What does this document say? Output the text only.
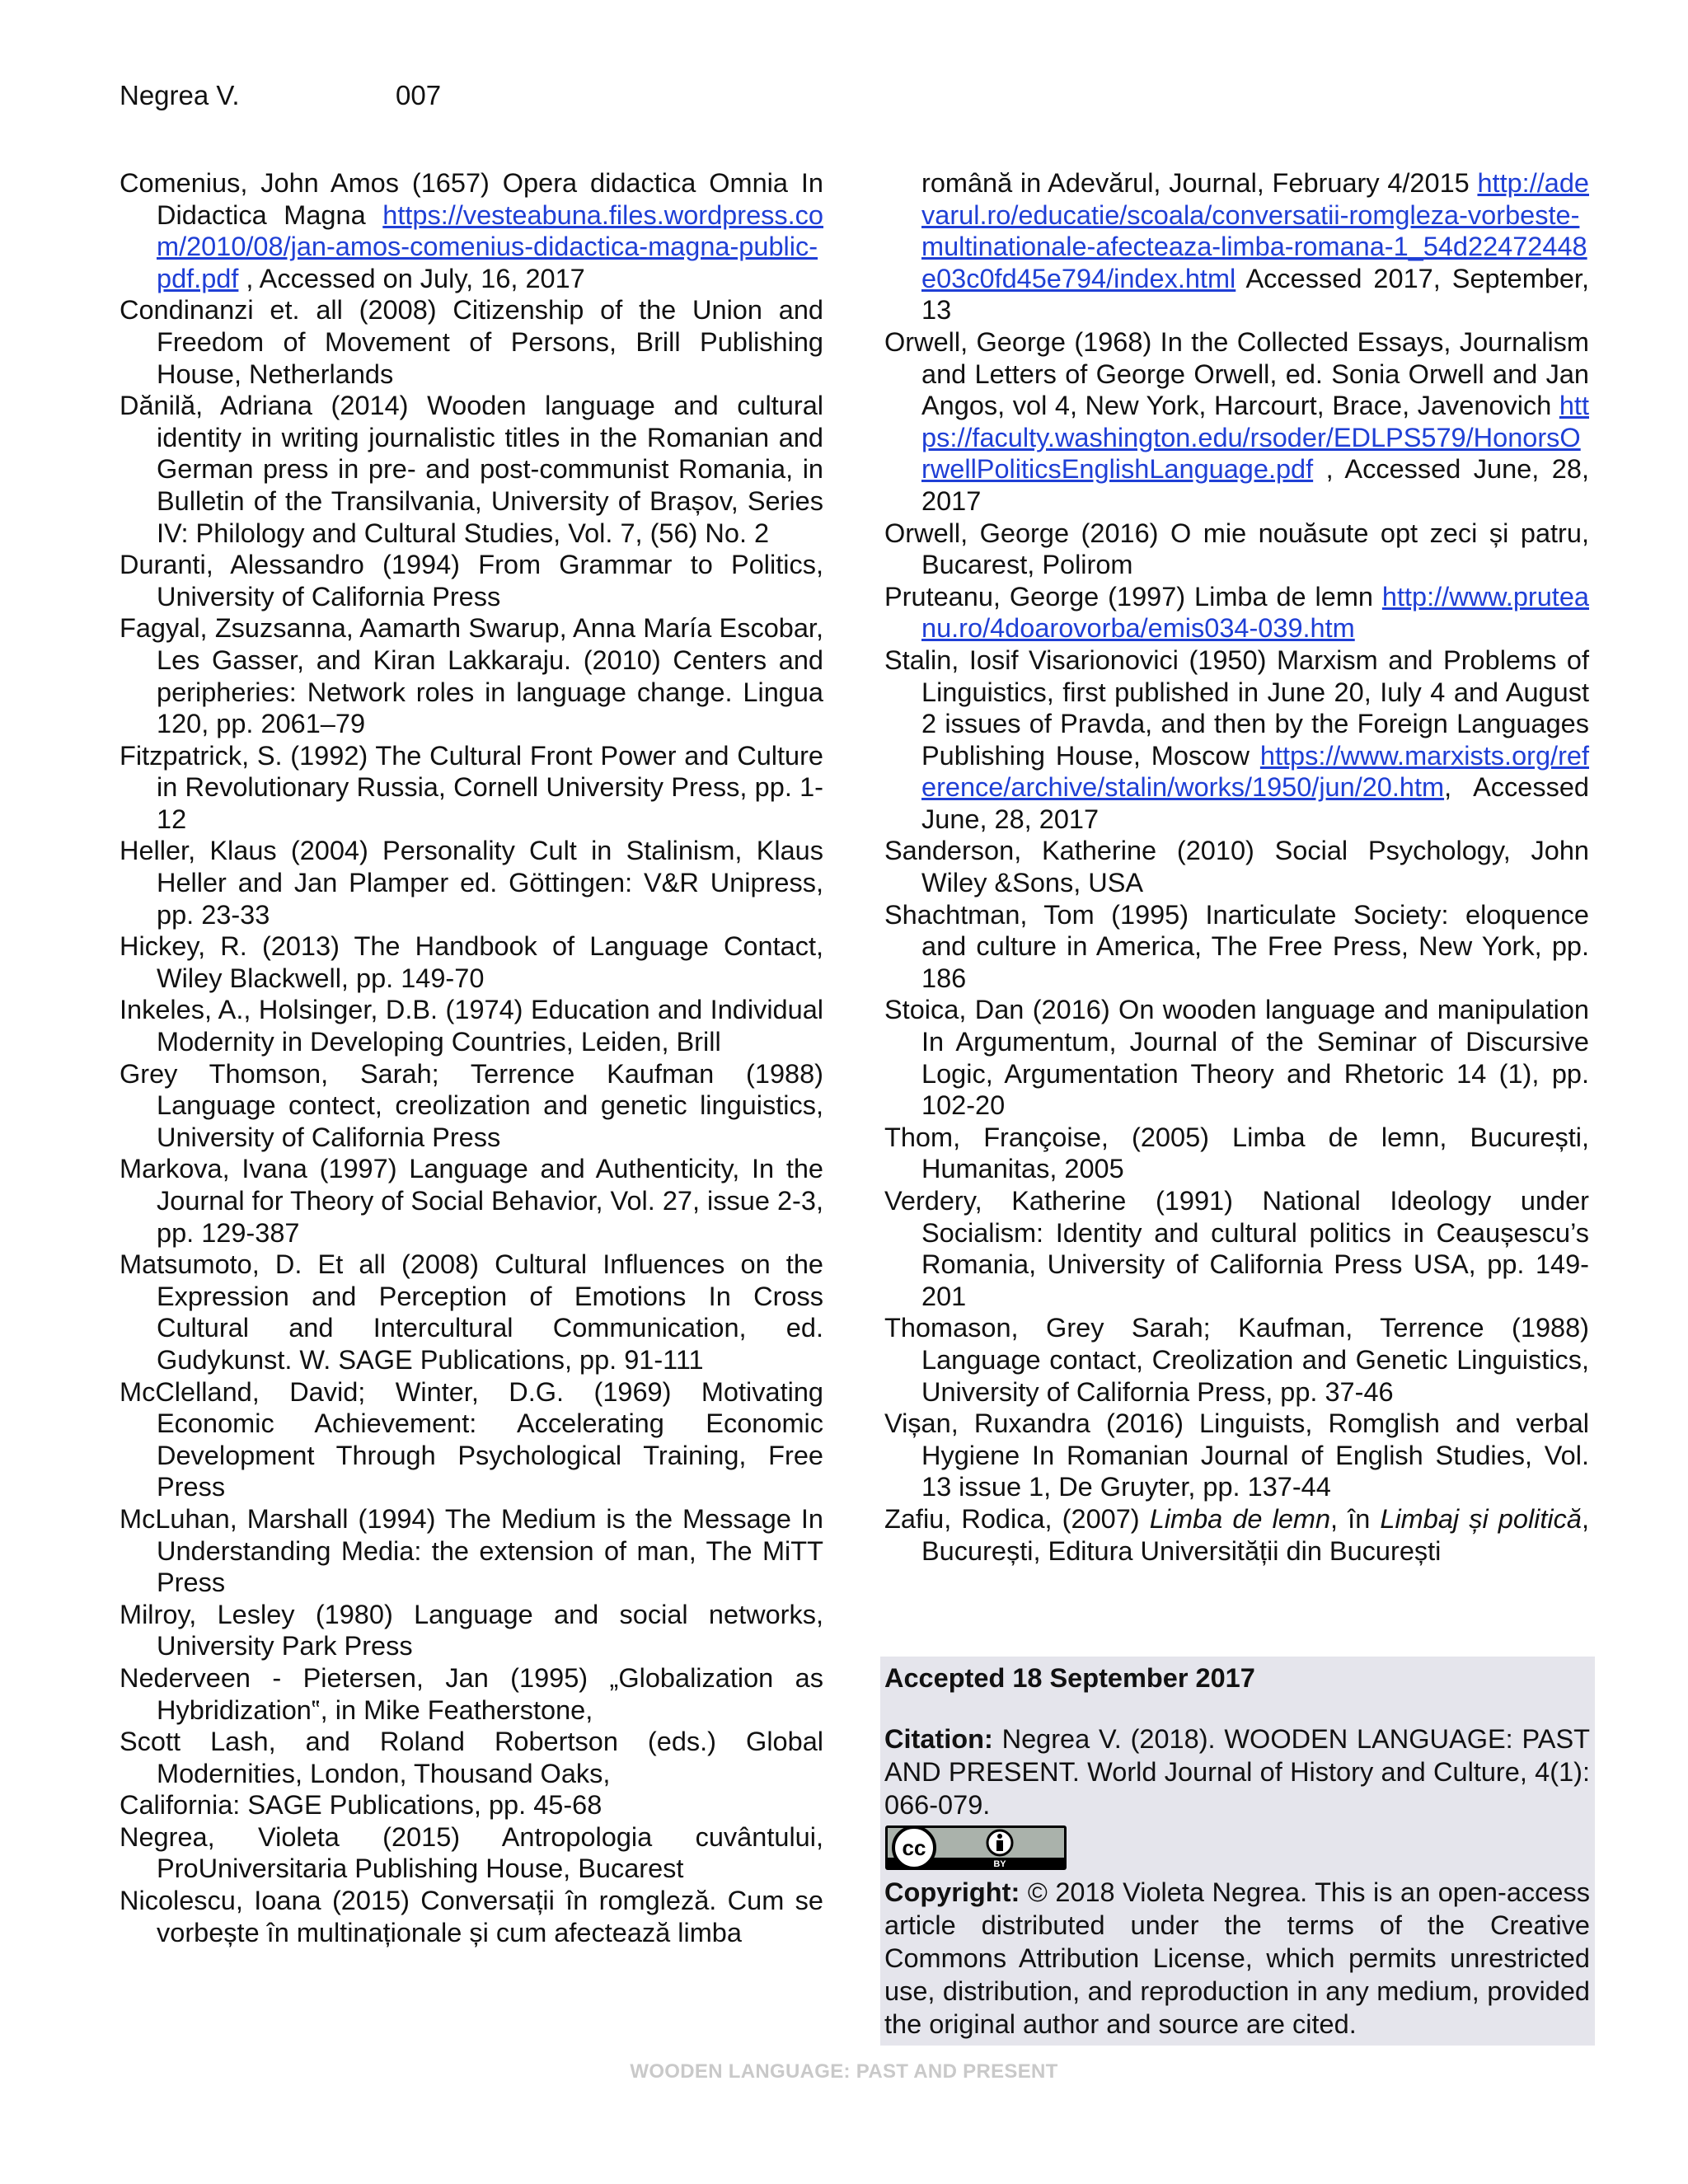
Negrea V.	007

Comenius, John Amos (1657) Opera didactica Omnia In Didactica Magna https://vesteabuna.files.wordpress.com/2010/08/jan-amos-comenius-didactica-magna-public-pdf.pdf , Accessed on July, 16, 2017

Condinanzi et. all (2008) Citizenship of the Union and Freedom of Movement of Persons, Brill Publishing House, Netherlands

Dănilă, Adriana (2014) Wooden language and cultural identity in writing journalistic titles in the Romanian and German press in pre- and post-communist Romania, in Bulletin of the Transilvania, University of Brașov, Series IV: Philology and Cultural Studies, Vol. 7, (56) No. 2

Duranti, Alessandro (1994) From Grammar to Politics, University of California Press

Fagyal, Zsuzsanna, Aamarth Swarup, Anna María Escobar, Les Gasser, and Kiran Lakkaraju. (2010) Centers and peripheries: Network roles in language change. Lingua 120, pp. 2061–79

Fitzpatrick, S. (1992) The Cultural Front Power and Culture in Revolutionary Russia, Cornell University Press, pp. 1-12

Heller, Klaus (2004) Personality Cult in Stalinism, Klaus Heller and Jan Plamper ed. Göttingen: V&R Unipress, pp. 23-33

Hickey, R. (2013) The Handbook of Language Contact, Wiley Blackwell, pp. 149-70

Inkeles, A., Holsinger, D.B. (1974) Education and Individual Modernity in Developing Countries, Leiden, Brill

Grey Thomson, Sarah; Terrence Kaufman (1988) Language contect, creolization and genetic linguistics, University of California Press

Markova, Ivana (1997) Language and Authenticity, In the Journal for Theory of Social Behavior, Vol. 27, issue 2-3, pp. 129-387

Matsumoto, D. Et all (2008) Cultural Influences on the Expression and Perception of Emotions In Cross Cultural and Intercultural Communication, ed. Gudykunst. W. SAGE Publications, pp. 91-111

McClelland, David; Winter, D.G. (1969) Motivating Economic Achievement: Accelerating Economic Development Through Psychological Training, Free Press

McLuhan, Marshall (1994) The Medium is the Message In Understanding Media: the extension of man, The MiTT Press

Milroy, Lesley (1980) Language and social networks, University Park Press

Nederveen - Pietersen, Jan (1995) „Globalization as Hybridization‟, in Mike Featherstone,

Scott Lash, and Roland Robertson (eds.) Global Modernities, London, Thousand Oaks,

California: SAGE Publications, pp. 45-68

Negrea, Violeta (2015) Antropologia cuvântului, ProUniversitaria Publishing House, Bucarest

Nicolescu, Ioana (2015) Conversații în romgleză. Cum se vorbește în multinaționale și cum afectează limba

română in Adevărul, Journal, February 4/2015 http://adevarul.ro/educatie/scoala/conversatii-romgleza-vorbeste-multinationale-afecteaza-limba-romana-1_54d22472448e03c0fd45e794/index.html Accessed 2017, September, 13

Orwell, George (1968) In the Collected Essays, Journalism and Letters of George Orwell, ed. Sonia Orwell and Jan Angos, vol 4, New York, Harcourt, Brace, Javenovich https://faculty.washington.edu/rsoder/EDLPS579/HonorsOrwellPoliticsEnglishLanguage.pdf , Accessed June, 28, 2017

Orwell, George (2016) O mie nouăsute opt zeci și patru, Bucarest, Polirom

Pruteanu, George (1997) Limba de lemn http://www.pruteanu.ro/4doarovorba/emis034-039.htm

Stalin, Iosif Visarionovici (1950) Marxism and Problems of Linguistics, first published in June 20, Iuly 4 and August 2 issues of Pravda, and then by the Foreign Languages Publishing House, Moscow https://www.marxists.org/reference/archive/stalin/works/1950/jun/20.htm, Accessed June, 28, 2017

Sanderson, Katherine (2010) Social Psychology, John Wiley &Sons, USA

Shachtman, Tom (1995) Inarticulate Society: eloquence and culture in America, The Free Press, New York, pp. 186

Stoica, Dan (2016) On wooden language and manipulation In Argumentum, Journal of the Seminar of Discursive Logic, Argumentation Theory and Rhetoric 14 (1), pp. 102-20

Thom, Françoise, (2005) Limba de lemn, București, Humanitas, 2005

Verdery, Katherine (1991) National Ideology under Socialism: Identity and cultural politics in Ceaușescu’s Romania, University of California Press USA, pp. 149-201

Thomason, Grey Sarah; Kaufman, Terrence (1988) Language contact, Creolization and Genetic Linguistics, University of California Press, pp. 37-46

Vișan, Ruxandra (2016) Linguists, Romglish and verbal Hygiene In Romanian Journal of English Studies, Vol. 13 issue 1, De Gruyter, pp. 137-44

Zafiu, Rodica, (2007) Limba de lemn, în Limbaj și politică, București, Editura Universității din București

Accepted 18 September 2017

Citation: Negrea V. (2018). WOODEN LANGUAGE: PAST AND PRESENT. World Journal of History and Culture, 4(1): 066-079.

cc
BY

Copyright: © 2018 Violeta Negrea. This is an open-access article distributed under the terms of the Creative Commons Attribution License, which permits unrestricted use, distribution, and reproduction in any medium, provided the original author and source are cited.

WOODEN LANGUAGE: PAST AND PRESENT
